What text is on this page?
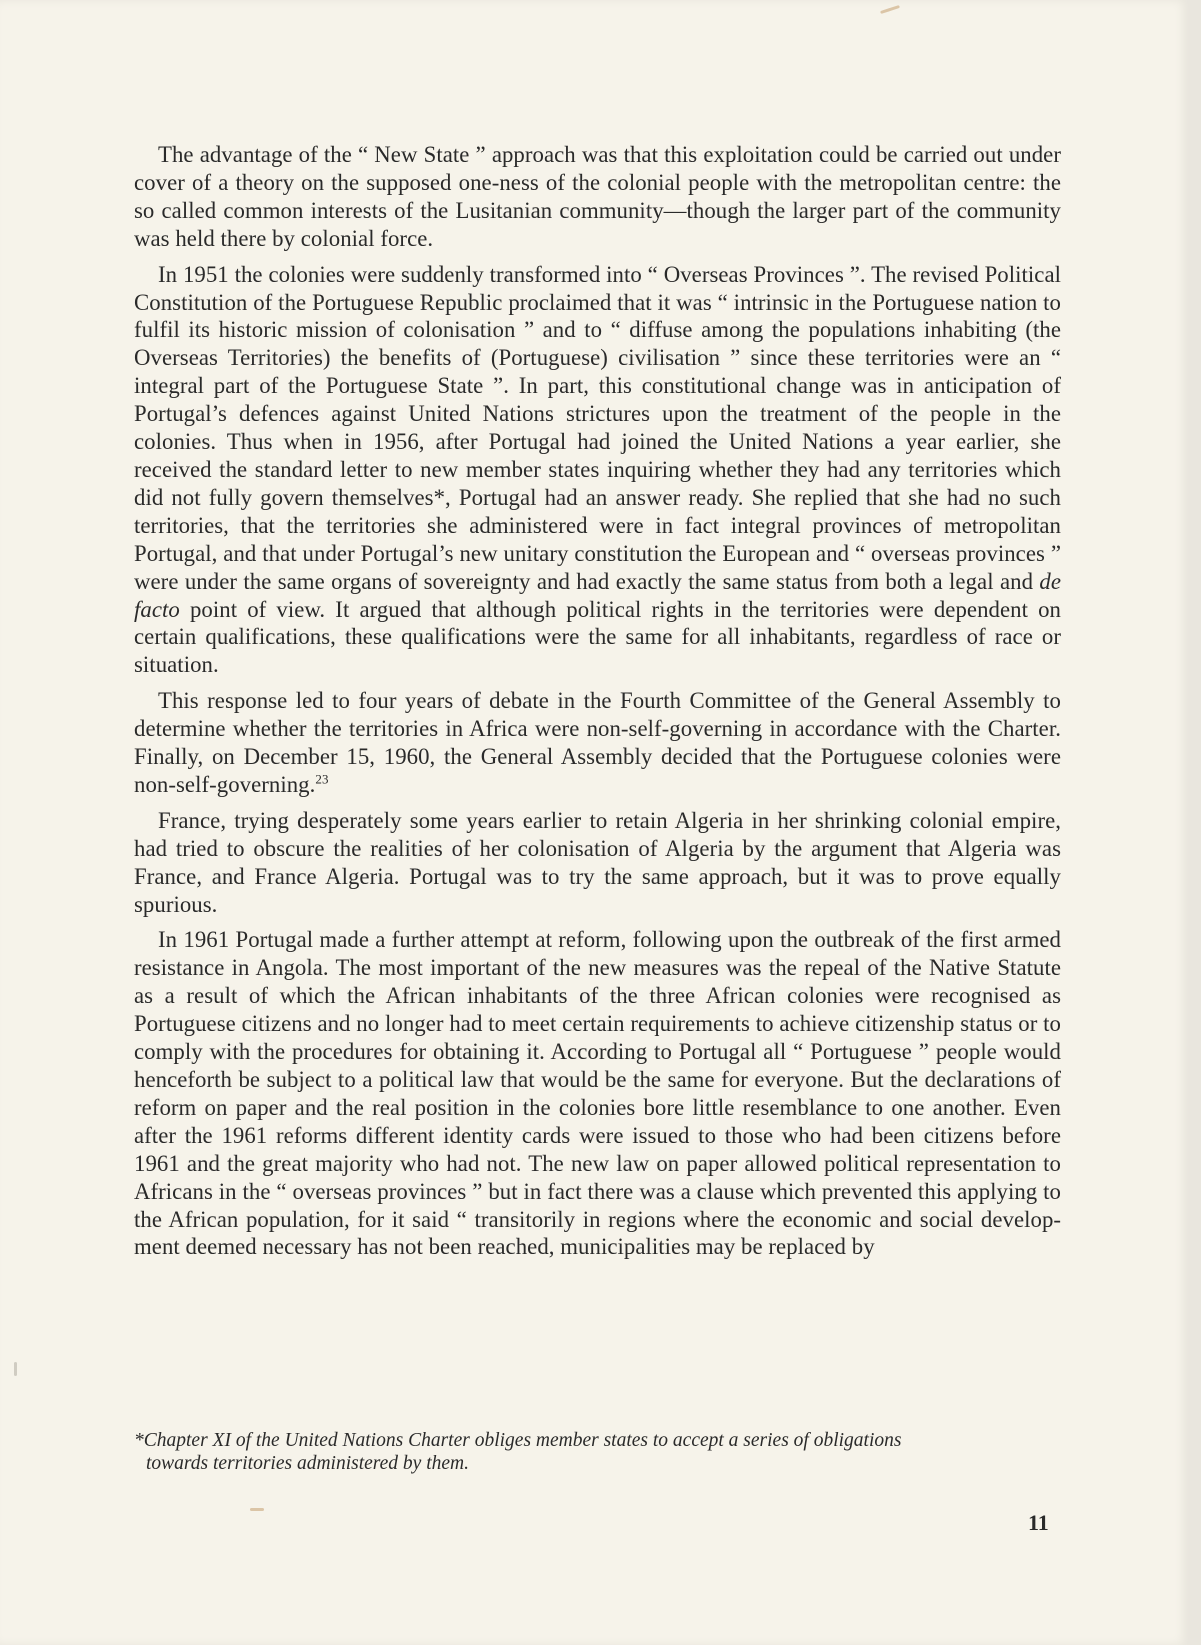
The advantage of the “ New State ” approach was that this exploitation could be carried out under cover of a theory on the supposed one-ness of the colonial people with the metropolitan centre: the so called common interests of the Lusitanian community—though the larger part of the community was held there by colonial force.

In 1951 the colonies were suddenly transformed into “ Overseas Provinces ”. The revised Political Constitution of the Portuguese Republic proclaimed that it was “ intrinsic in the Portuguese nation to fulfil its historic mission of colonisation ” and to “ diffuse among the populations inhabiting (the Overseas Territories) the benefits of (Portuguese) civilisation ” since these territories were an “ integral part of the Portuguese State ”. In part, this constitutional change was in anticipation of Portugal’s defences against United Nations strictures upon the treatment of the people in the colonies. Thus when in 1956, after Portugal had joined the United Nations a year earlier, she received the standard letter to new member states inquiring whether they had any territories which did not fully govern themselves*, Portugal had an answer ready. She replied that she had no such territories, that the territories she administered were in fact integral provinces of metropolitan Portugal, and that under Portugal’s new unitary constitution the European and “ overseas provinces ” were under the same organs of sovereignty and had exactly the same status from both a legal and de facto point of view. It argued that although political rights in the territories were dependent on certain qualifications, these qualifications were the same for all inhabitants, regardless of race or situation.

This response led to four years of debate in the Fourth Committee of the General Assembly to determine whether the territories in Africa were non-self-governing in accordance with the Charter. Finally, on December 15, 1960, the General Assembly decided that the Portuguese colonies were non-self-governing.$^{23}$

France, trying desperately some years earlier to retain Algeria in her shrinking colonial empire, had tried to obscure the realities of her colonisation of Algeria by the argument that Algeria was France, and France Algeria. Portugal was to try the same approach, but it was to prove equally spurious.

In 1961 Portugal made a further attempt at reform, following upon the outbreak of the first armed resistance in Angola. The most important of the new measures was the repeal of the Native Statute as a result of which the African inhabitants of the three African colonies were recognised as Portuguese citizens and no longer had to meet certain requirements to achieve citizenship status or to comply with the procedures for obtaining it. According to Portugal all “ Portuguese ” people would henceforth be subject to a political law that would be the same for everyone. But the declarations of reform on paper and the real position in the colonies bore little resemblance to one another. Even after the 1961 reforms different identity cards were issued to those who had been citizens before 1961 and the great majority who had not. The new law on paper allowed political representation to Africans in the “ overseas provinces ” but in fact there was a clause which prevented this applying to the African population, for it said “ transitorily in regions where the economic and social development deemed necessary has not been reached, municipalities may be replaced by

*Chapter XI of the United Nations Charter obliges member states to accept a series of obligations
towards territories administered by them.
11
